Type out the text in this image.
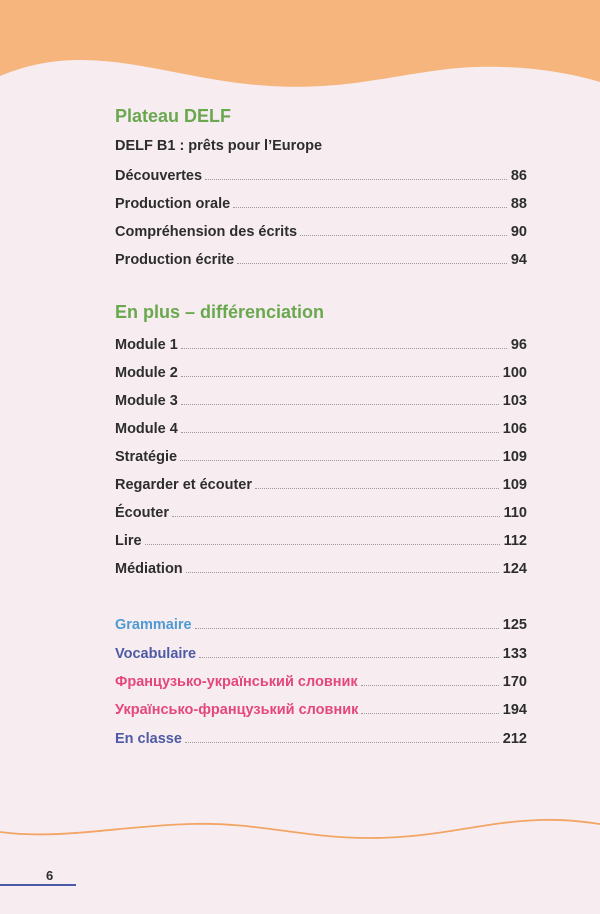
Plateau DELF
DELF B1 : prêts pour l’Europe
Découvertes	86
Production orale	88
Compréhension des écrits	90
Production écrite	94
En plus – différenciation
Module 1	96
Module 2	100
Module 3	103
Module 4	106
Stratégie	109
Regarder et écouter	109
Écouter	110
Lire	112
Médiation	124
Grammaire	125
Vocabulaire	133
Французько-український словник	170
Українсько-французький словник	194
En classe	212
6
